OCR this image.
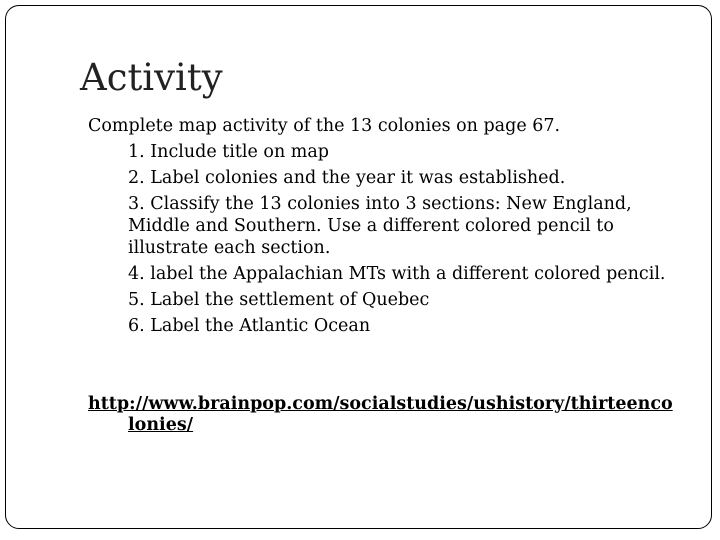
Activity

Complete map activity of the 13 colonies on page 67.

1. Include title on map
2. Label colonies and the year it was established.
3. Classify the 13 colonies into 3 sections: New England, Middle and Southern. Use a different colored pencil to illustrate each section.
4. label the Appalachian MTs with a different colored pencil.
5. Label the settlement of Quebec
6. Label the Atlantic Ocean
http://www.brainpop.com/socialstudies/ushistory/thirteenco
lonies/
